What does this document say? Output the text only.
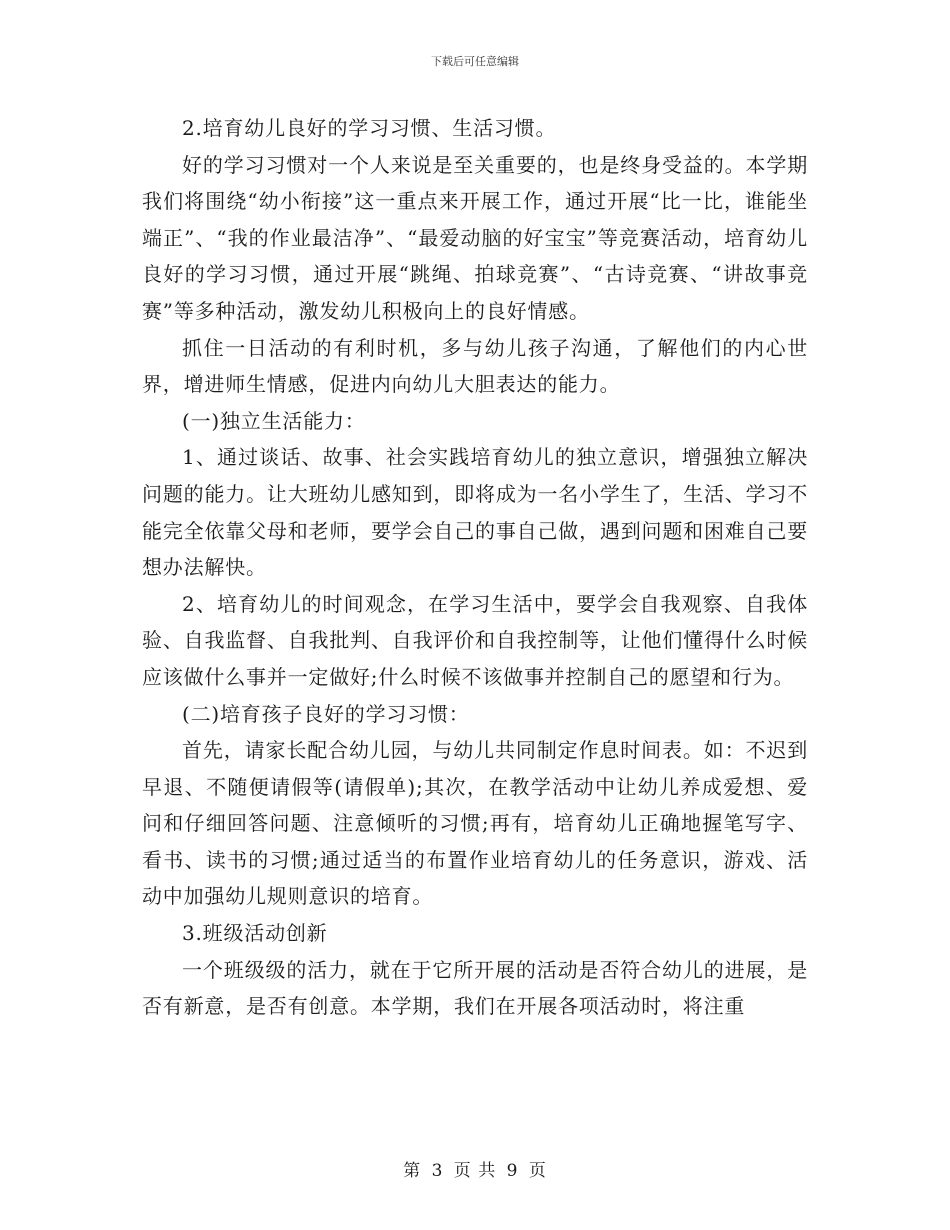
下载后可任意编辑

2.培育幼儿良好的学习习惯、生活习惯。

好的学习习惯对一个人来说是至关重要的，也是终身受益的。本学期我们将围绕“幼小衔接”这一重点来开展工作，通过开展“比一比，谁能坐端正”、“我的作业最洁净”、“最爱动脑的好宝宝”等竞赛活动，培育幼儿良好的学习习惯，通过开展“跳绳、拍球竞赛”、“古诗竞赛、“讲故事竞赛”等多种活动，激发幼儿积极向上的良好情感。

抓住一日活动的有利时机，多与幼儿孩子沟通，了解他们的内心世界，增进师生情感，促进内向幼儿大胆表达的能力。

(一)独立生活能力：

1、通过谈话、故事、社会实践培育幼儿的独立意识，增强独立解决问题的能力。让大班幼儿感知到，即将成为一名小学生了，生活、学习不能完全依靠父母和老师，要学会自己的事自己做，遇到问题和困难自己要想办法解快。

2、培育幼儿的时间观念，在学习生活中，要学会自我观察、自我体验、自我监督、自我批判、自我评价和自我控制等，让他们懂得什么时候应该做什么事并一定做好;什么时候不该做事并控制自己的愿望和行为。

(二)培育孩子良好的学习习惯：

首先，请家长配合幼儿园，与幼儿共同制定作息时间表。如：不迟到早退、不随便请假等(请假单);其次，在教学活动中让幼儿养成爱想、爱问和仔细回答问题、注意倾听的习惯;再有，培育幼儿正确地握笔写字、看书、读书的习惯;通过适当的布置作业培育幼儿的任务意识，游戏、活动中加强幼儿规则意识的培育。

3.班级活动创新

一个班级级的活力，就在于它所开展的活动是否符合幼儿的进展，是否有新意，是否有创意。本学期，我们在开展各项活动时，将注重

第 3 页 共 9 页
